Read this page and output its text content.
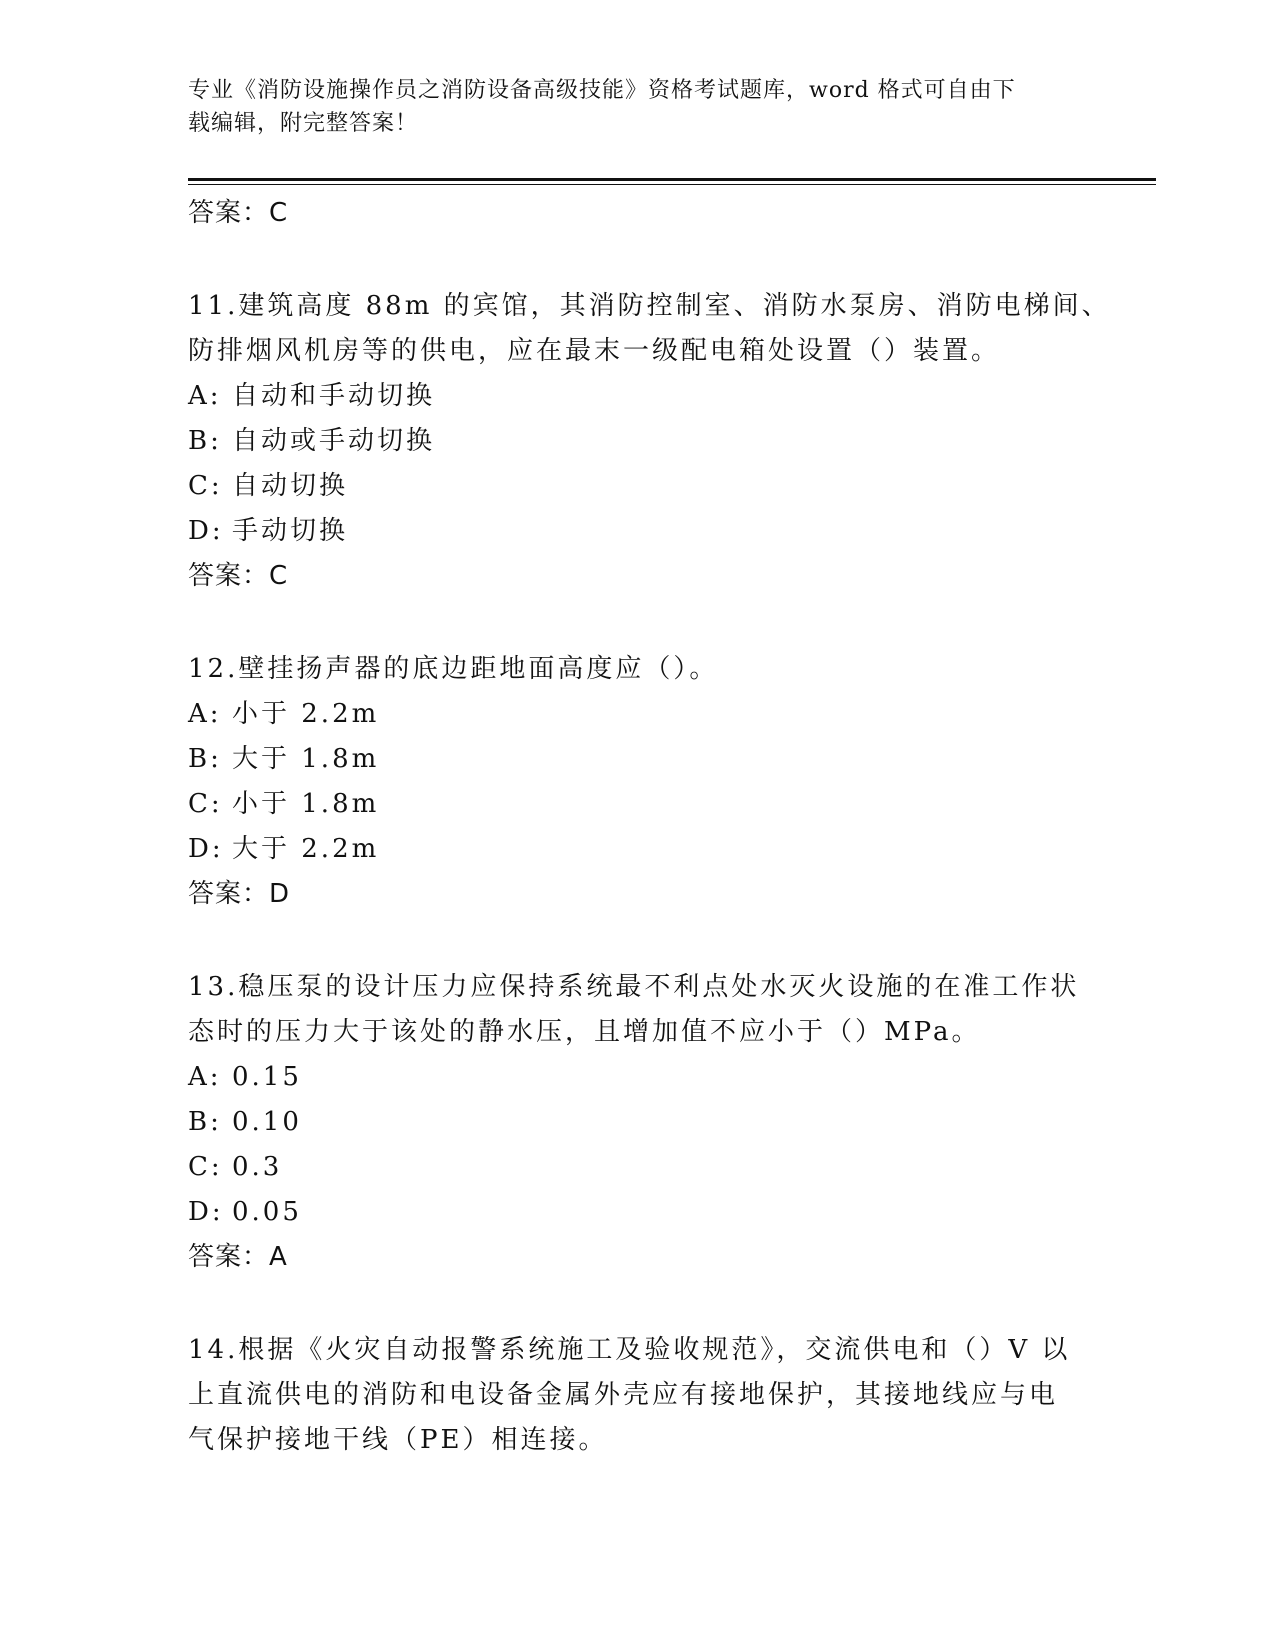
专业《消防设施操作员之消防设备高级技能》资格考试题库，word 格式可自由下
载编辑，附完整答案！
答案：C
11.建筑高度 88m 的宾馆，其消防控制室、消防水泵房、消防电梯间、
防排烟风机房等的供电，应在最末一级配电箱处设置（）装置。
A: 自动和手动切换
B: 自动或手动切换
C: 自动切换
D: 手动切换
答案：C
12.壁挂扬声器的底边距地面高度应（）。
A: 小于 2.2m
B: 大于 1.8m
C: 小于 1.8m
D: 大于 2.2m
答案：D
13.稳压泵的设计压力应保持系统最不利点处水灭火设施的在准工作状
态时的压力大于该处的静水压，且增加值不应小于（）MPa。
A: 0.15
B: 0.10
C: 0.3
D: 0.05
答案：A
14.根据《火灾自动报警系统施工及验收规范》，交流供电和（）V 以
上直流供电的消防和电设备金属外壳应有接地保护，其接地线应与电
气保护接地干线（PE）相连接。
